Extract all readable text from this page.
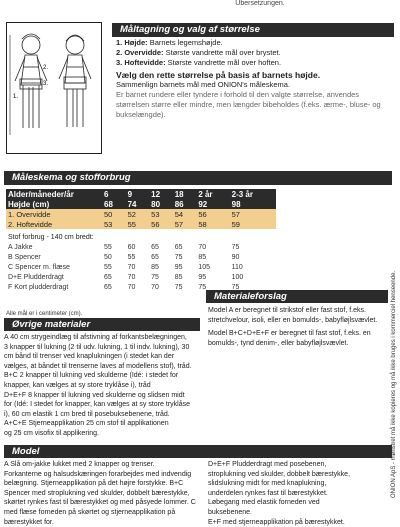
Übersetzungen.
1.
2.
3.
Måltagning og valg af størrelse

1. Højde: Barnets legemshøjde.

2. Overvidde: Største vandrette mål over brystet.

3. Hoftevidde: Største vandrette mål over hoften.

Vælg den rette størrelse på basis af barnets højde.

Sammenlign barnets mål med ONION's måleskema.

Er barnet rundere eller tyndere i forhold til den valgte størrelse, anvendes størrelsen større eller mindre, men længder bibeholdes (f.eks. ærme-, bluse- og bukselængde).

Måleskema og stofforbrug
Alder/måneder/år	6	9	12	18	2 år	2-3 år
Højde (cm)	68	74	80	86	92	98
1. Overvidde	50	52	53	54	56	57
2. Hoftevidde	53	55	56	57	58	59
Stof forbrug - 140 cm bredt:						
A Jakke	55	60	65	65	70	75
B Spencer	50	55	65	75	85	90
C Spencer m. flæse	55	70	85	95	105	110
D+E Pludderdragt	65	70	75	85	95	100
F Kort pludderdragt	65	70	70	75	75	75
Alle mål er i centimeter (cm).
Øvrige materialer

A 40 cm strygeindlæg til afstivning af forkantsbelægningen,

3 knapper til lukning (2 til udv. lukning, 1 til indv. lukning), 30

cm bånd til trenser ved knaplukningen (i stedet kan der

vælges, at båndet til trenserne laves af modellens stof), tråd.

B+C 2 knapper til lukning ved skulderne (Idé: i stedet for

knapper, kan vælges at sy store tryklåse i), tråd

D+E+F 8 knapper til lukning ved skulderne og slidsen midt

for (Idé: I stedet for knapper, kan vælges at sy store tryklåse

i), 60 cm elastik 1 cm bred til posebuksebenene, tråd.

A+C+E Stjerneapplikation 25 cm stof til applikationen

og 25 cm visofix til applikering.

Materialeforslag

Model A er beregnet til strikstof eller fast stof, f.eks. stretchvelour, isoli, eller en bomulds-, babyfløjlsvævlet.

Model B+C+D+E+F er beregnet til fast stof, f.eks. en bomulds-, tynd denim-, eller babyfløjlsvævlet.

Model

A Slå om-jakke lukket med 2 knapper og trenser.

Forkanterne og halsudskæringen forarbejdes med indvendig

belægning. Stjerneapplikation på det højre forstykke. B+C

Spencer med stroplukning ved skulder, dobbelt bærestykke,

skørtet rynkes fast til bærestykket og med påsyede lommer. C

med flæse forneden på skørtet og stjerneapplikation på

bærestykket for.

D+E+F Pludderdragt med posebenen,

stroplukning ved skulder, dobbelt bærestykke,

slidslukning midt for med knaplukning,

underdelen rynkes fast til bærestykket.

Løbegang med elastik forneden ved

buksebenene.

E+F med stjerneapplikation på bærestykket.

ONION ApS - mønstret må ikke kopieres og må ikke bruges i kommerciel henseende.
